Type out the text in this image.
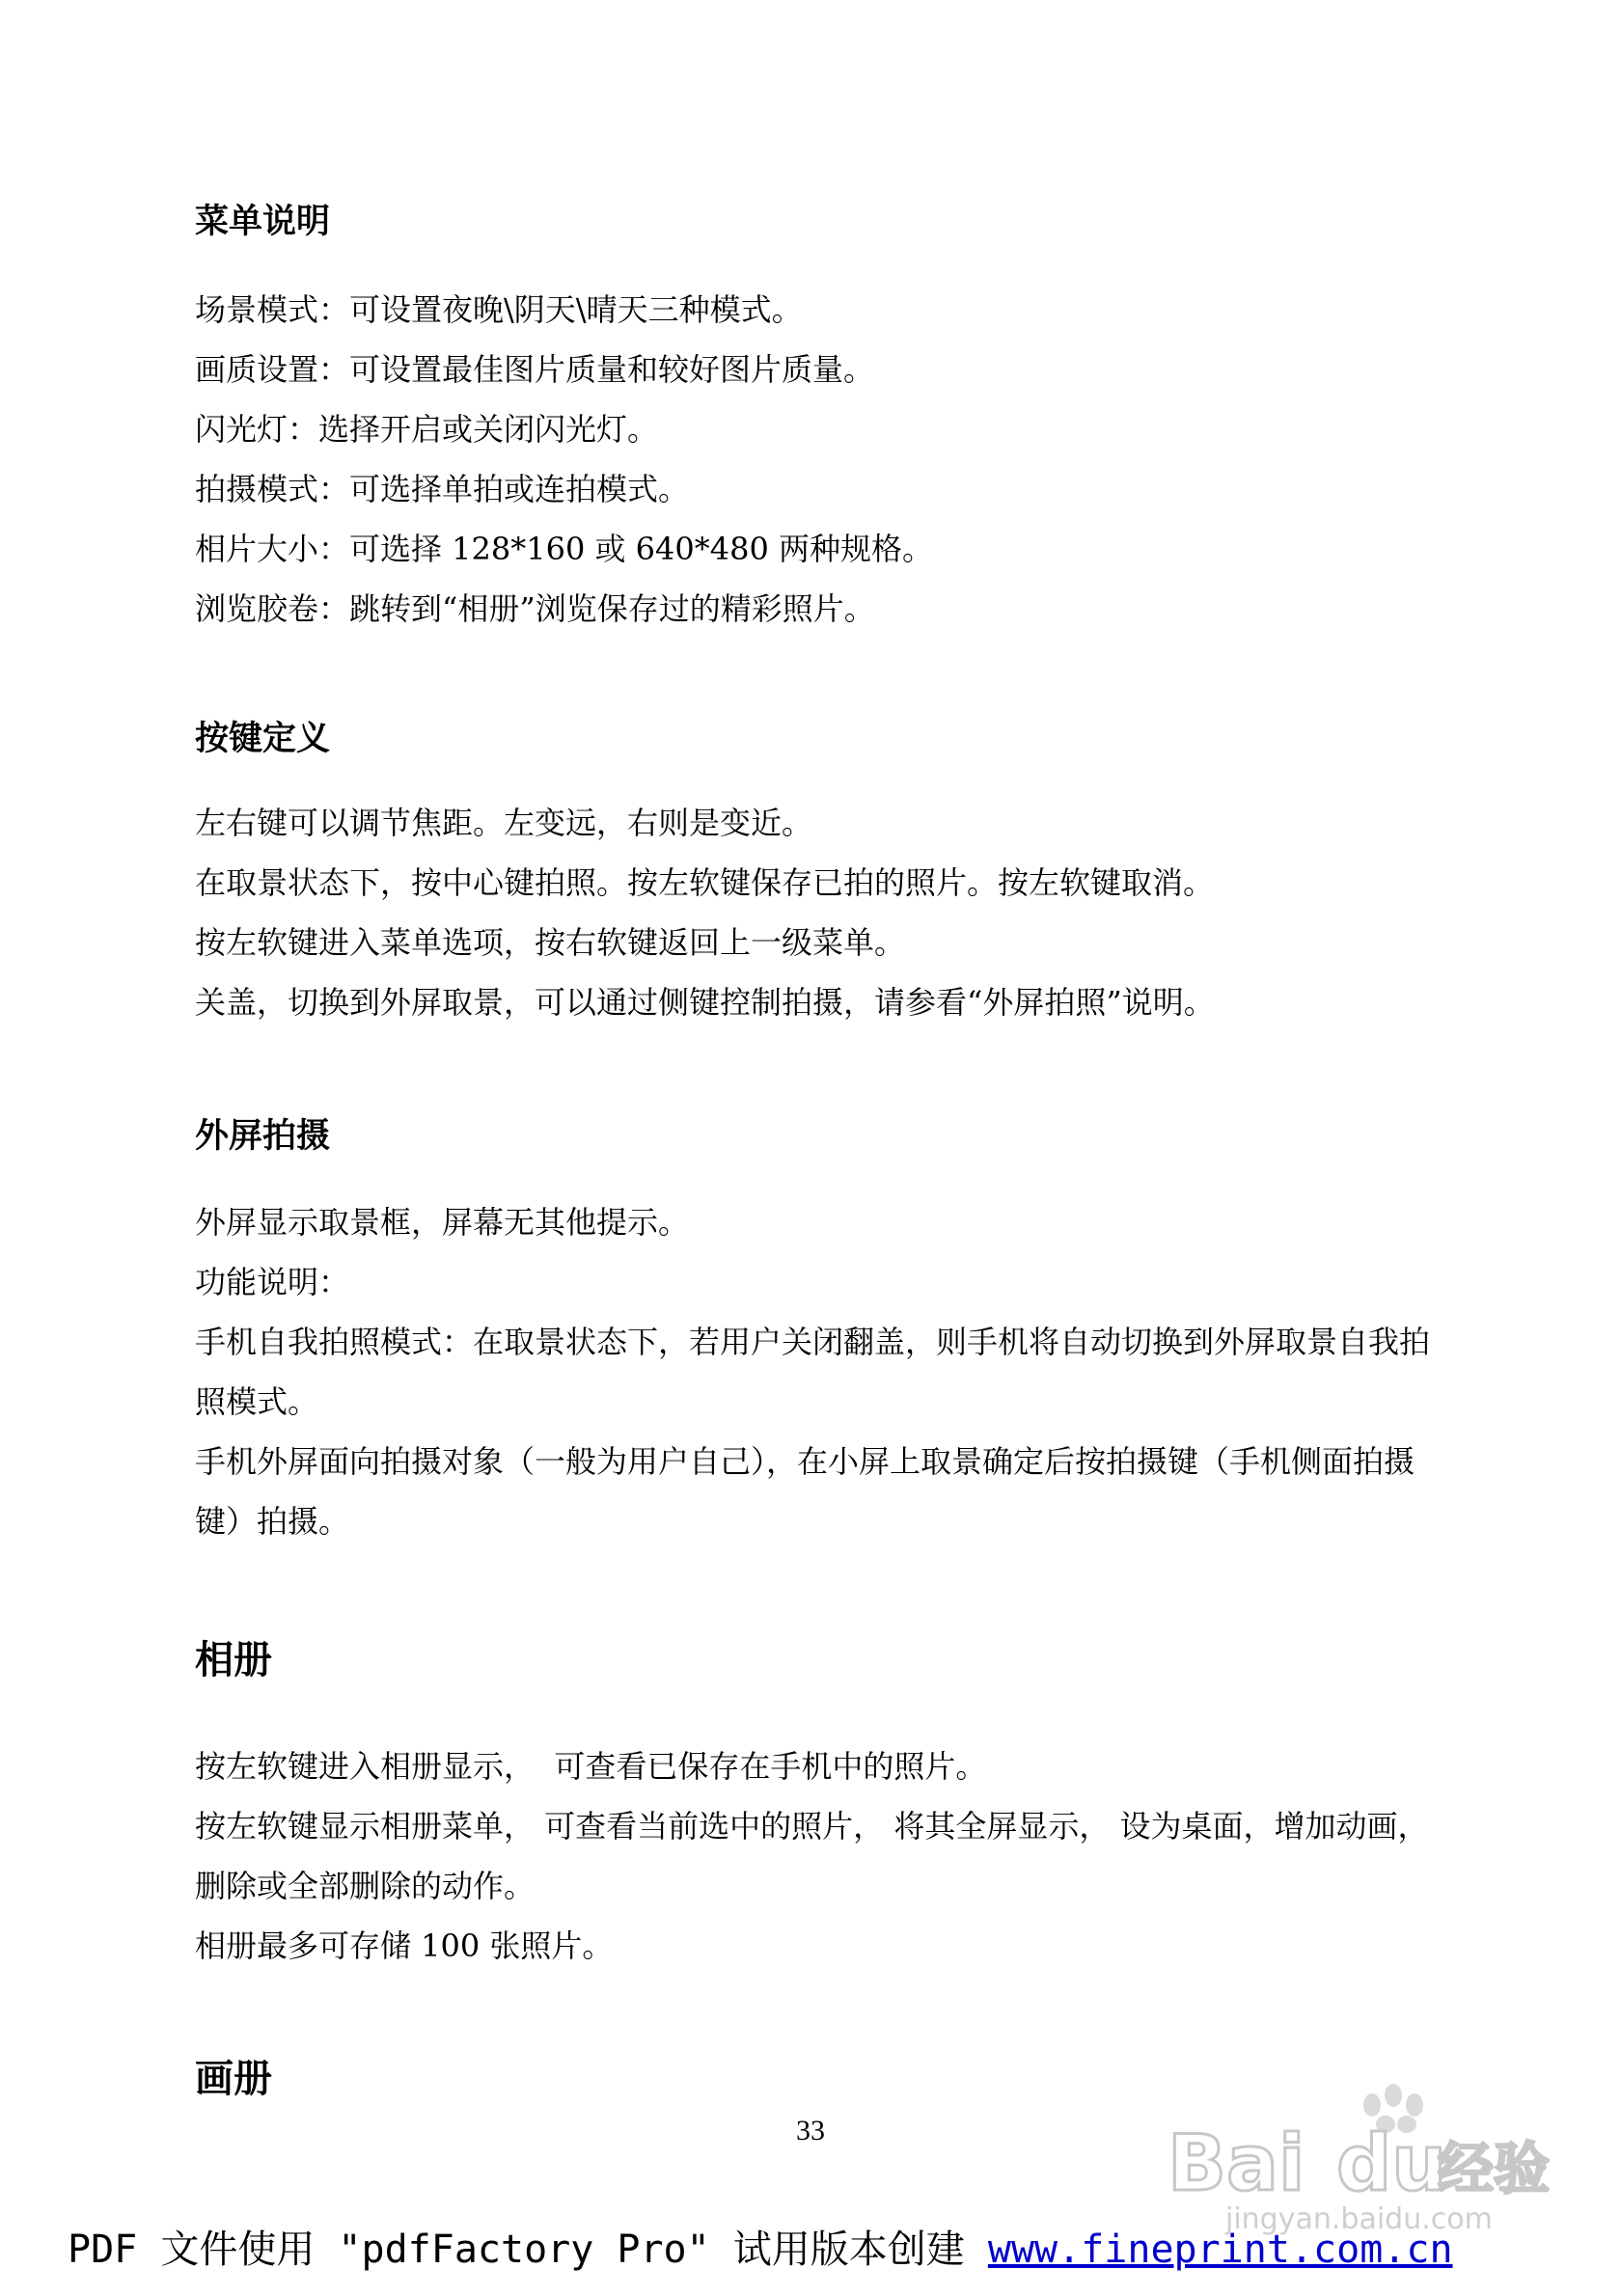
菜单说明

场景模式：可设置夜晚\阴天\晴天三种模式。

画质设置：可设置最佳图片质量和较好图片质量。

闪光灯：选择开启或关闭闪光灯。

拍摄模式：可选择单拍或连拍模式。

相片大小：可选择 128*160 或 640*480 两种规格。

浏览胶卷：跳转到“相册”浏览保存过的精彩照片。

按键定义

左右键可以调节焦距。左变远，右则是变近。

在取景状态下，按中心键拍照。按左软键保存已拍的照片。按左软键取消。

按左软键进入菜单选项，按右软键返回上一级菜单。

关盖，切换到外屏取景，可以通过侧键控制拍摄，请参看“外屏拍照”说明。

外屏拍摄

外屏显示取景框，屏幕无其他提示。

功能说明：

手机自我拍照模式：在取景状态下，若用户关闭翻盖，则手机将自动切换到外屏取景自我拍照模式。

手机外屏面向拍摄对象（一般为用户自己），在小屏上取景确定后按拍摄键（手机侧面拍摄键）拍摄。

相册

按左软键进入相册显示，  可查看已保存在手机中的照片。

按左软键显示相册菜单， 可查看当前选中的照片， 将其全屏显示， 设为桌面，增加动画， 删除或全部删除的动作。

相册最多可存储 100 张照片。

画册

33	Bai du
经验
jingyan.baidu.com
PDF 文件使用 "pdfFactory Pro" 试用版本创建 www.fineprint.com.cn
